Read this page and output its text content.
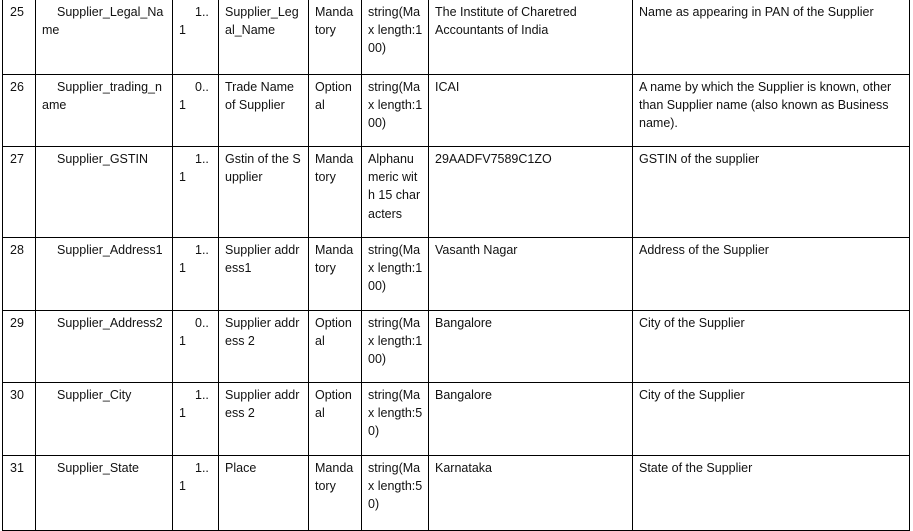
25	Supplier_Legal_Name	1..1	Supplier_Legal_Name	Mandatory	string(Max length:100)	The Institute of Charetred Accountants of India	Name as appearing in PAN of the Supplier
26	Supplier_trading_name	0..1	Trade Name of Supplier	Optional	string(Max length:100)	ICAI	A name by which the Supplier is known, other than Supplier name (also known as Business name).
27	Supplier_GSTIN	1..1	Gstin of the Supplier	Mandatory	Alphanumeric with 15 characters	29AADFV7589C1ZO	GSTIN of the supplier
28	Supplier_Address1	1..1	Supplier address1	Mandatory	string(Max length:100)	Vasanth Nagar	Address of the Supplier
29	Supplier_Address2	0..1	Supplier address 2	Optional	string(Max length:100)	Bangalore	City of the Supplier
30	Supplier_City	1..1	Supplier address 2	Optional	string(Max length:50)	Bangalore	City of the Supplier
31	Supplier_State	1..1	Place	Mandatory	string(Max length:50)	Karnataka	State of the Supplier
